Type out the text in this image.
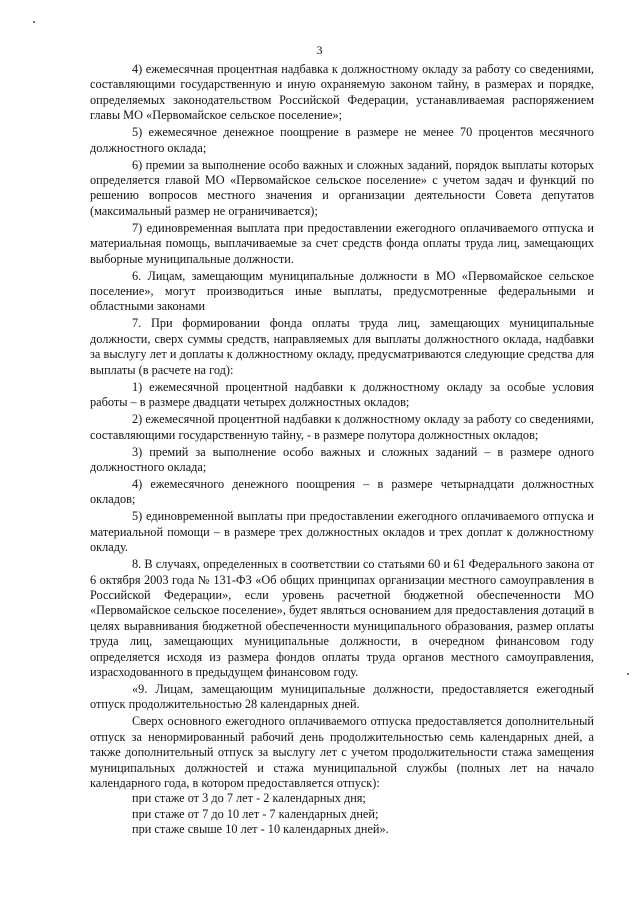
3

4) ежемесячная процентная надбавка к должностному окладу за работу со сведениями, составляющими государственную и иную охраняемую законом тайну, в размерах и порядке, определяемых законодательством Российской Федерации, устанавливаемая распоряжением главы МО «Первомайское сельское поселение»;

5) ежемесячное денежное поощрение в размере не менее 70 процентов месячного должностного оклада;

6) премии за выполнение особо важных и сложных заданий, порядок выплаты которых определяется главой МО «Первомайское сельское поселение» с учетом задач и функций по решению вопросов местного значения и организации деятельности Совета депутатов (максимальный размер не ограничивается);

7) единовременная выплата при предоставлении ежегодного оплачиваемого отпуска и материальная помощь, выплачиваемые за счет средств фонда оплаты труда лиц, замещающих выборные муниципальные должности.

6. Лицам, замещающим муниципальные должности в МО «Первомайское сельское поселение», могут производиться иные выплаты, предусмотренные федеральными и областными законами

7. При формировании фонда оплаты труда лиц, замещающих муниципальные должности, сверх суммы средств, направляемых для выплаты должностного оклада, надбавки за выслугу лет и доплаты к должностному окладу, предусматриваются следующие средства для выплаты (в расчете на год):

1) ежемесячной процентной надбавки к должностному окладу за особые условия работы – в размере двадцати четырех должностных окладов;

2) ежемесячной процентной надбавки к должностному окладу за работу со сведениями, составляющими государственную тайну, - в размере полутора должностных окладов;

3) премий за выполнение особо важных и сложных заданий – в размере одного должностного оклада;

4) ежемесячного денежного поощрения – в размере четырнадцати должностных окладов;

5) единовременной выплаты при предоставлении ежегодного оплачиваемого отпуска и материальной помощи – в размере трех должностных окладов и трех доплат к должностному окладу.

8. В случаях, определенных в соответствии со статьями 60 и 61 Федерального закона от 6 октября 2003 года № 131-ФЗ «Об общих принципах организации местного самоуправления в Российской Федерации», если уровень расчетной бюджетной обеспеченности МО «Первомайское сельское поселение», будет являться основанием для предоставления дотаций в целях выравнивания бюджетной обеспеченности муниципального образования, размер оплаты труда лиц, замещающих муниципальные должности, в очередном финансовом году определяется исходя из размера фондов оплаты труда органов местного самоуправления, израсходованного в предыдущем финансовом году.

«9. Лицам, замещающим муниципальные должности, предоставляется ежегодный отпуск продолжительностью 28 календарных дней.

Сверх основного ежегодного оплачиваемого отпуска предоставляется дополнительный отпуск за ненормированный рабочий день продолжительностью семь календарных дней, а также дополнительный отпуск за выслугу лет с учетом продолжительности стажа замещения муниципальных должностей и стажа муниципальной службы (полных лет на начало календарного года, в котором предоставляется отпуск):

при стаже от 3 до 7 лет - 2 календарных дня;

при стаже от 7 до 10 лет - 7 календарных дней;

при стаже свыше 10 лет - 10 календарных дней».
